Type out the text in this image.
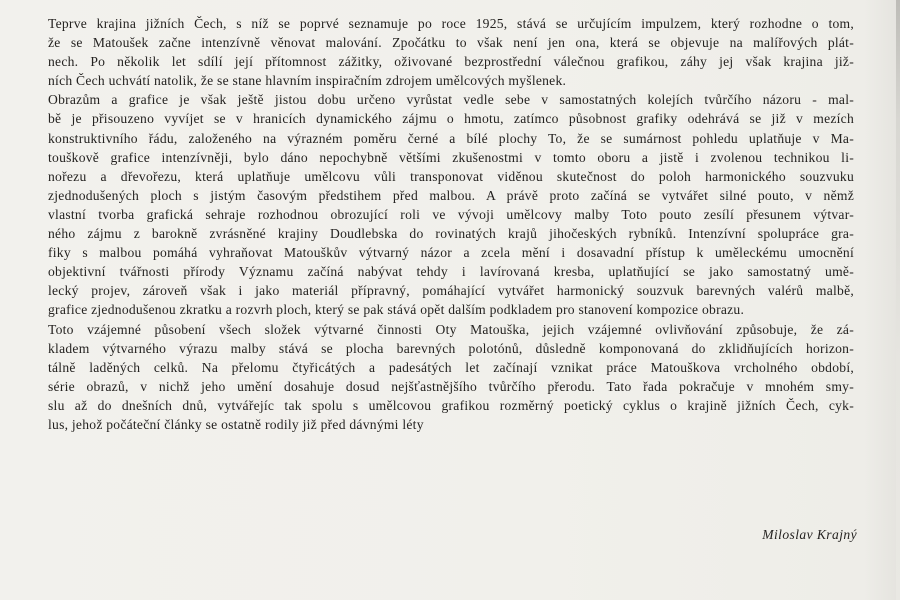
Teprve krajina jižních Čech, s níž se poprvé seznamuje po roce 1925, stává se určujícím impulzem, který rozhodne o tom,
že se Matoušek začne intenzívně věnovat malování. Zpočátku to však není jen ona, která se objevuje na malířových plát-
nech. Po několik let sdílí její přítomnost zážitky, oživované bezprostřední válečnou grafikou, záhy jej však krajina již-
ních Čech uchvátí natolik, že se stane hlavním inspiračním zdrojem umělcových myšlenek.
Obrazům a grafice je však ještě jistou dobu určeno vyrůstat vedle sebe v samostatných kolejích tvůrčího názoru - mal-
bě je přisouzeno vyvíjet se v hranicích dynamického zájmu o hmotu, zatímco působnost grafiky odehrává se již v mezích
konstruktivního řádu, založeného na výrazném poměru černé a bílé plochy To, že se sumárnost pohledu uplatňuje v Ma-
touškově grafice intenzívněji, bylo dáno nepochybně většími zkušenostmi v tomto oboru a jistě i zvolenou technikou li-
nořezu a dřevořezu, která uplatňuje umělcovu vůli transponovat viděnou skutečnost do poloh harmonického souzvuku
zjednodušených ploch s jistým časovým předstihem před malbou. A právě proto začíná se vytvářet silné pouto, v němž
vlastní tvorba grafická sehraje rozhodnou obrozující roli ve vývoji umělcovy malby Toto pouto zesílí přesunem výtvar-
ného zájmu z barokně zvrásněné krajiny Doudlebska do rovinatých krajů jihočeských rybníků. Intenzívní spolupráce gra-
fiky s malbou pomáhá vyhraňovat Matouškův výtvarný názor a zcela mění i dosavadní přístup k uměleckému umocnění
objektivní tvářnosti přírody Významu začíná nabývat tehdy i lavírovaná kresba, uplatňující se jako samostatný umě-
lecký projev, zároveň však i jako materiál přípravný, pomáhající vytvářet harmonický souzvuk barevných valérů malbě,
grafice zjednodušenou zkratku a rozvrh ploch, který se pak stává opět dalším podkladem pro stanovení kompozice obrazu.
Toto vzájemné působení všech složek výtvarné činnosti Oty Matouška, jejich vzájemné ovlivňování způsobuje, že zá-
kladem výtvarného výrazu malby stává se plocha barevných polotónů, důsledně komponovaná do zklidňujících horizon-
tálně laděných celků. Na přelomu čtyřicátých a padesátých let začínají vznikat práce Matouškova vrcholného období,
série obrazů, v nichž jeho umění dosahuje dosud nejšťastnějšího tvůrčího přerodu. Tato řada pokračuje v mnohém smy-
slu až do dnešních dnů, vytvářejíc tak spolu s umělcovou grafikou rozměrný poetický cyklus o krajině jižních Čech, cyk-
lus, jehož počáteční články se ostatně rodily již před dávnými léty
Miloslav Krajný
